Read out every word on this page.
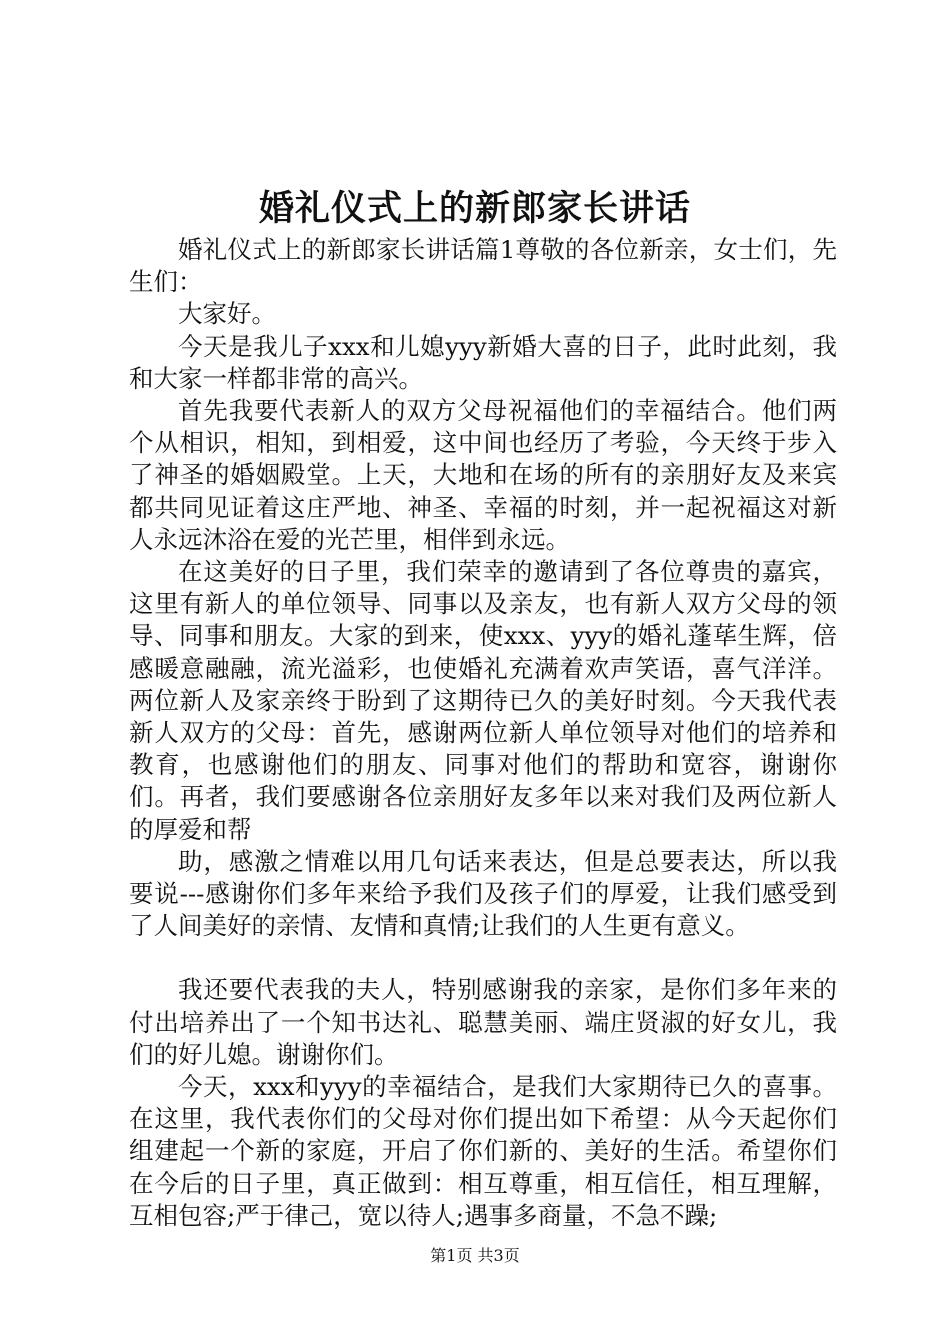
婚礼仪式上的新郎家长讲话

婚礼仪式上的新郎家长讲话篇1尊敬的各位新亲，女士们，先生们：

大家好。

今天是我儿子xxx和儿媳yyy新婚大喜的日子，此时此刻，我和大家一样都非常的高兴。

首先我要代表新人的双方父母祝福他们的幸福结合。他们两个从相识，相知，到相爱，这中间也经历了考验，今天终于步入了神圣的婚姻殿堂。上天，大地和在场的所有的亲朋好友及来宾都共同见证着这庄严地、神圣、幸福的时刻，并一起祝福这对新人永远沐浴在爱的光芒里，相伴到永远。

在这美好的日子里，我们荣幸的邀请到了各位尊贵的嘉宾，这里有新人的单位领导、同事以及亲友，也有新人双方父母的领导、同事和朋友。大家的到来，使xxx、yyy的婚礼蓬荜生辉，倍感暖意融融，流光溢彩，也使婚礼充满着欢声笑语，喜气洋洋。两位新人及家亲终于盼到了这期待已久的美好时刻。今天我代表新人双方的父母：首先，感谢两位新人单位领导对他们的培养和教育，也感谢他们的朋友、同事对他们的帮助和宽容，谢谢你们。再者，我们要感谢各位亲朋好友多年以来对我们及两位新人的厚爱和帮

助，感激之情难以用几句话来表达，但是总要表达，所以我要说---感谢你们多年来给予我们及孩子们的厚爱，让我们感受到了人间美好的亲情、友情和真情;让我们的人生更有意义。

我还要代表我的夫人，特别感谢我的亲家，是你们多年来的付出培养出了一个知书达礼、聪慧美丽、端庄贤淑的好女儿，我们的好儿媳。谢谢你们。

今天，xxx和yyy的幸福结合，是我们大家期待已久的喜事。在这里，我代表你们的父母对你们提出如下希望：从今天起你们组建起一个新的家庭，开启了你们新的、美好的生活。希望你们在今后的日子里，真正做到：相互尊重，相互信任，相互理解，互相包容;严于律己，宽以待人;遇事多商量，不急不躁;

第1页 共3页
